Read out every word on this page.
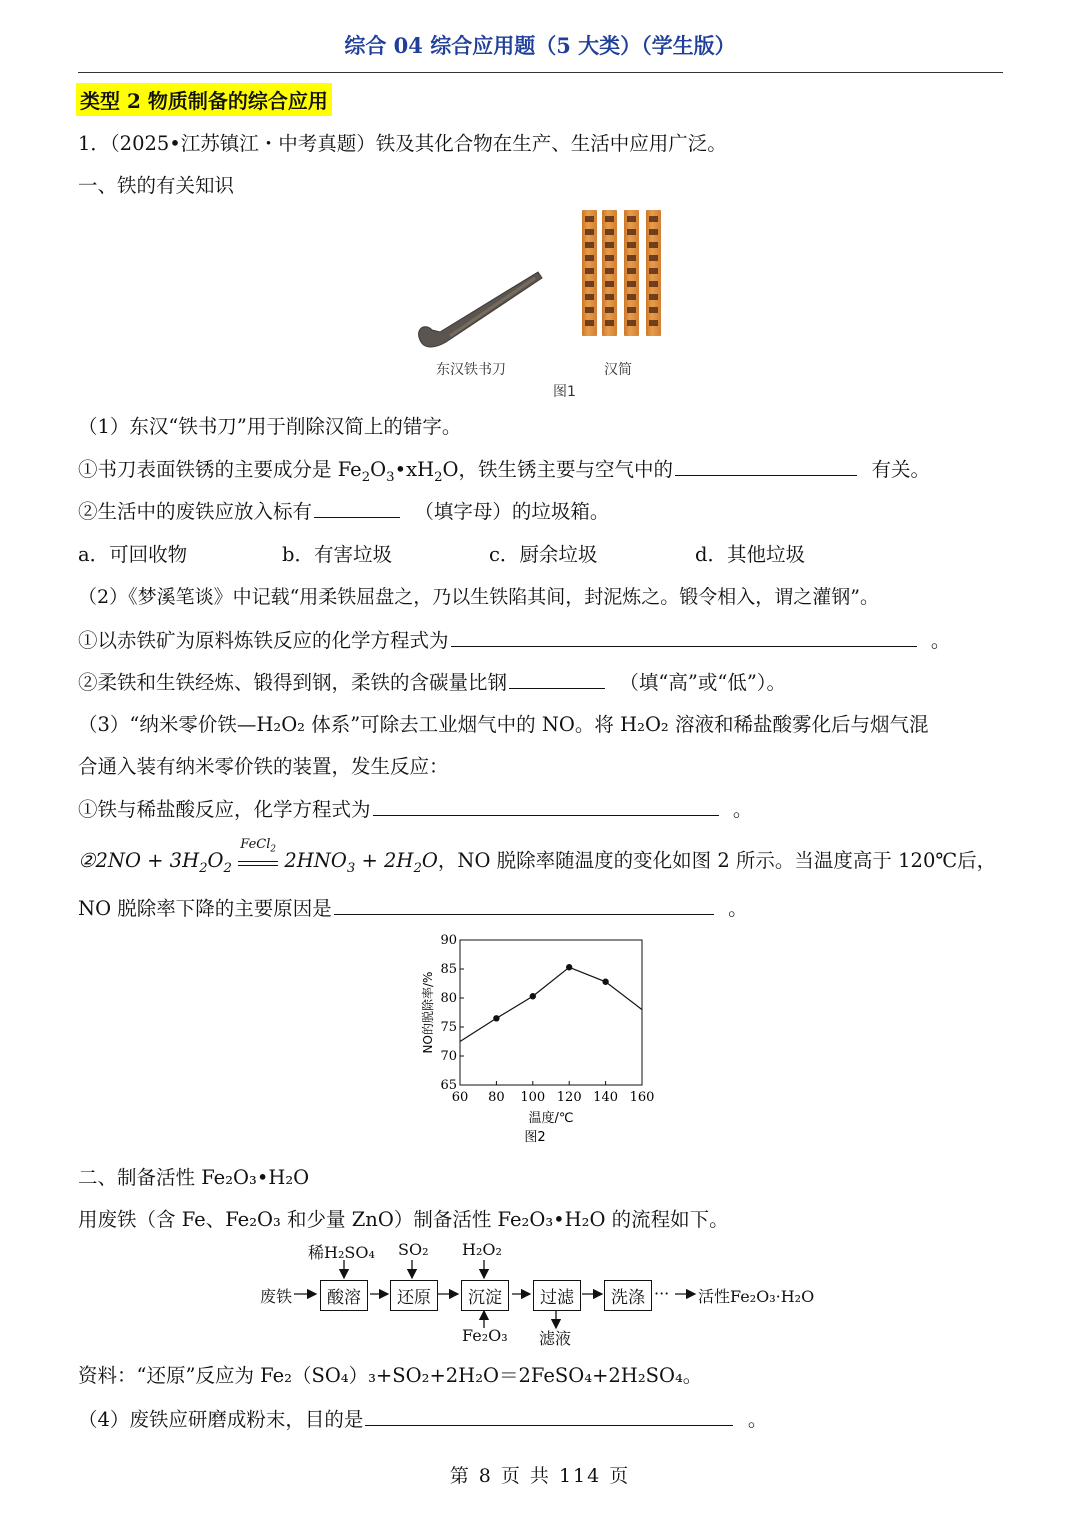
综合 04 综合应用题（5 大类）（学生版）
类型 2 物质制备的综合应用
1．（2025•江苏镇江・中考真题）铁及其化合物在生产、生活中应用广泛。
一、铁的有关知识
东汉铁书刀	汉简
图1
（1）东汉“铁书刀”用于削除汉简上的错字。
①书刀表面铁锈的主要成分是 $Fe_2O_3•xH_2O$，铁生锈主要与空气中的	有关。
②生活中的废铁应放入标有	（填字母）的垃圾箱。
a．可回收物	b．有害垃圾	c．厨余垃圾	d．其他垃圾
（2）《梦溪笔谈》中记载“用柔铁屈盘之，乃以生铁陷其间，封泥炼之。锻令相入，谓之灌钢”。
①以赤铁矿为原料炼铁反应的化学方程式为	。
②柔铁和生铁经炼、锻得到钢，柔铁的含碳量比钢	（填“高”或“低”）。
（3）“纳米零价铁—H₂O₂ 体系”可除去工业烟气中的 NO。将 H₂O₂ 溶液和稀盐酸雾化后与烟气混
合通入装有纳米零价铁的装置，发生反应：
①铁与稀盐酸反应，化学方程式为	。
②2NO + $3H_2O_2$
FeCl$_2$ $2HNO_3 + 2H_2O$，NO 脱除率随温度的变化如图 2 所示。当温度高于 120℃后，
NO 脱除率下降的主要原因是	。
60 80 100 120 140 160
65
70
75
80
85
90
温度/℃
NO的脱除率/%
图2
二、制备活性 Fe₂O₃•H₂O
用废铁（含 Fe、Fe₂O₃ 和少量 ZnO）制备活性 Fe₂O₃•H₂O 的流程如下。
废铁	酸溶	还原	沉淀	过滤	洗涤 ··· 活性Fe₂O₃·H₂O
稀H₂SO₄ SO₂ H₂O₂
Fe₂O₃ 滤液
资料：“还原”反应为 Fe₂（SO₄）₃+SO₂+2H₂O＝2FeSO₄+2H₂SO₄。
（4）废铁应研磨成粉末，目的是	。
第 8 页 共 114 页
